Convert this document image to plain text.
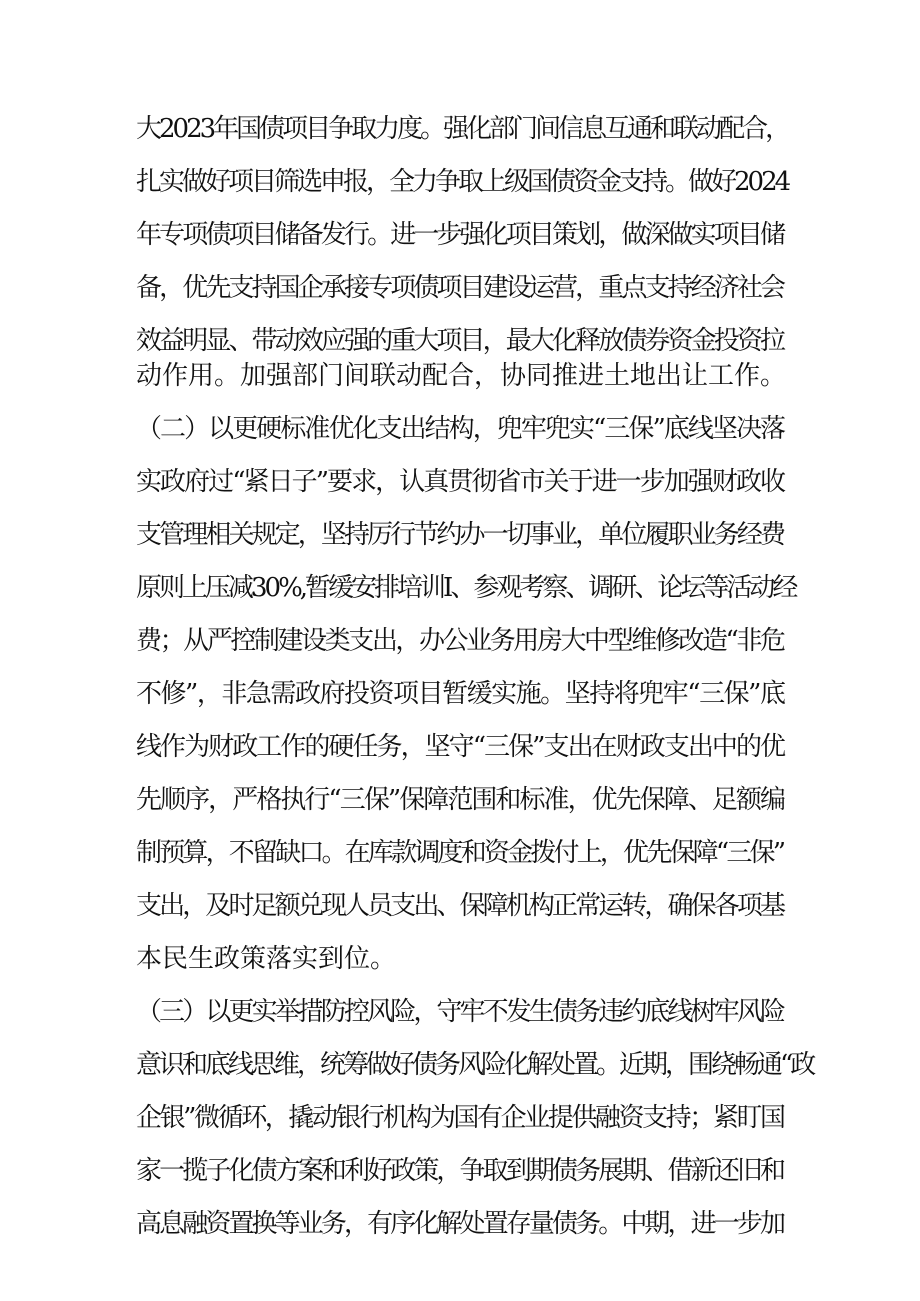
大2023年国债项目争取力度。强化部门间信息互通和联动配合，
扎实做好项目筛选申报，全力争取上级国债资金支持。做好2024
年专项债项目储备发行。进一步强化项目策划，做深做实项目储
备，优先支持国企承接专项债项目建设运营，重点支持经济社会
效益明显、带动效应强的重大项目，最大化释放债券资金投资拉
动作用。加强部门间联动配合，协同推进土地出让工作。
（二）以更硬标准优化支出结构，兜牢兜实“三保”底线坚决落
实政府过“紧日子”要求，认真贯彻省市关于进一步加强财政收
支管理相关规定，坚持厉行节约办一切事业，单位履职业务经费
原则上压减30%,暂缓安排培训I、参观考察、调研、论坛等活动经
费；从严控制建设类支出，办公业务用房大中型维修改造“非危
不修”，非急需政府投资项目暂缓实施。坚持将兜牢“三保”底
线作为财政工作的硬任务，坚守“三保”支出在财政支出中的优
先顺序，严格执行“三保”保障范围和标准，优先保障、足额编
制预算，不留缺口。在库款调度和资金拨付上，优先保障“三保”
支出，及时足额兑现人员支出、保障机构正常运转，确保各项基
本民生政策落实到位。
（三）以更实举措防控风险，守牢不发生债务违约底线树牢风险
意识和底线思维，统筹做好债务风险化解处置。近期，围绕畅通“政
企银”微循环，撬动银行机构为国有企业提供融资支持；紧盯国
家一揽子化债方案和利好政策，争取到期债务展期、借新还旧和
高息融资置换等业务，有序化解处置存量债务。中期，进一步加
